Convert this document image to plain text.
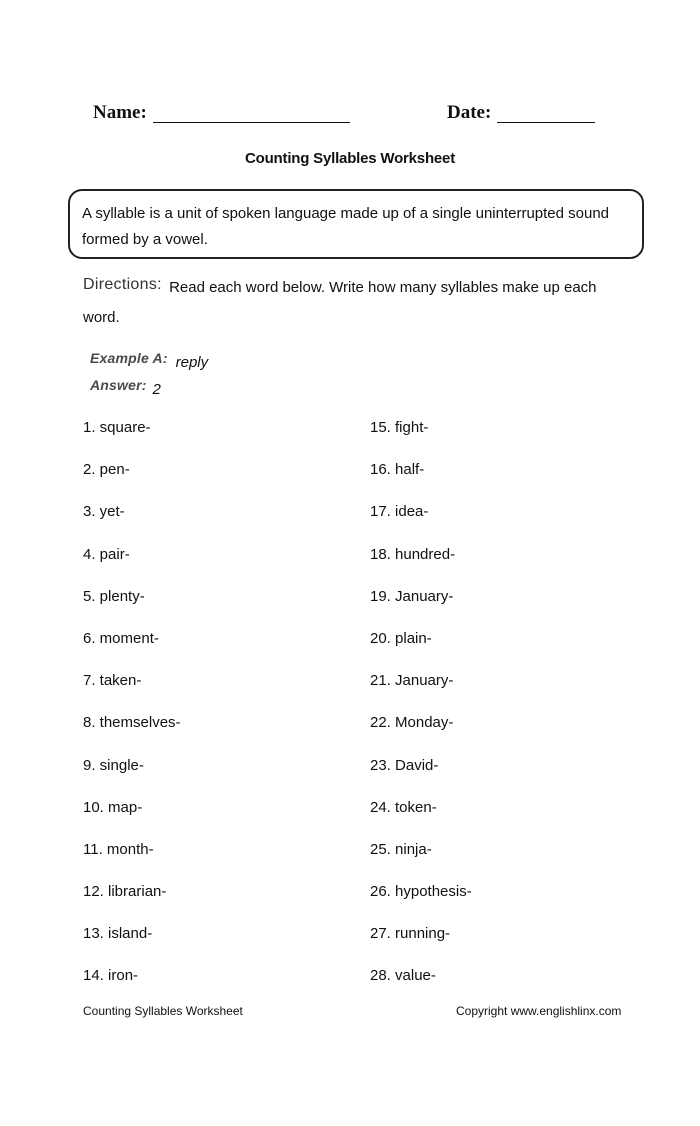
Name:	Date:
Counting Syllables Worksheet
A syllable is a unit of spoken language made up of a single uninterrupted sound
formed by a vowel.
Directions: Read each word below. Write how many syllables make up each word.
Example A: reply
Answer: 2
1. square-
2. pen-
3. yet-
4. pair-
5. plenty-
6. moment-
7. taken-
8. themselves-
9. single-
10. map-
11. month-
12. librarian-
13. island-
14. iron-
15. fight-
16. half-
17. idea-
18. hundred-
19. January-
20. plain-
21. January-
22. Monday-
23. David-
24. token-
25. ninja-
26. hypothesis-
27. running-
28. value-
Counting Syllables Worksheet	Copyright www.englishlinx.com
